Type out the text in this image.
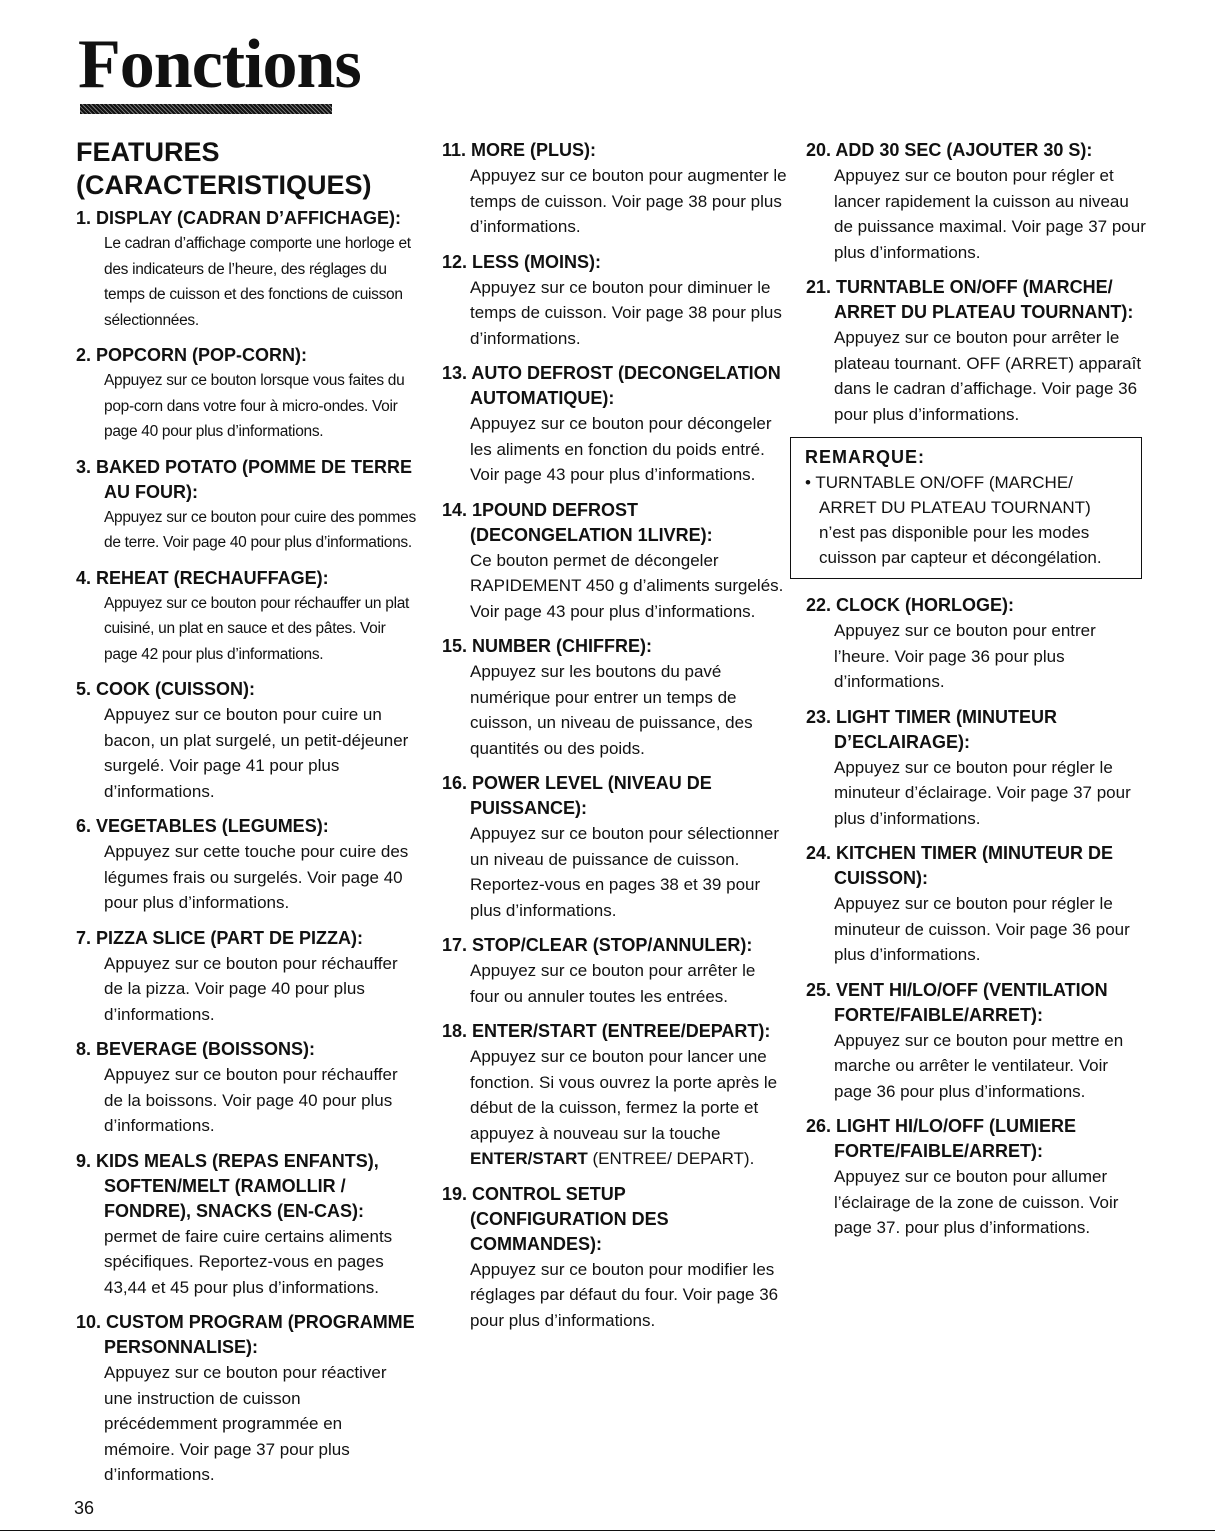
Fonctions
FEATURES (CARACTERISTIQUES)
1. DISPLAY (CADRAN D’AFFICHAGE):
Le cadran d’affichage comporte une horloge et des indicateurs de l’heure, des réglages du temps de cuisson et des fonctions de cuisson sélectionnées.
2. POPCORN (POP-CORN):
Appuyez sur ce bouton lorsque vous faites du pop-corn dans votre four à micro-ondes. Voir page 40 pour plus d’informations.
3. BAKED POTATO (POMME DE TERRE AU FOUR):
Appuyez sur ce bouton pour cuire des pommes de terre. Voir page 40 pour plus d’informations.
4. REHEAT (RECHAUFFAGE):
Appuyez sur ce bouton pour réchauffer un plat cuisiné, un plat en sauce et des pâtes. Voir page 42 pour plus d’informations.
5. COOK (CUISSON):
Appuyez sur ce bouton pour cuire un bacon, un plat surgelé, un petit-déjeuner surgelé. Voir page 41 pour plus d’informations.
6. VEGETABLES (LEGUMES):
Appuyez sur cette touche pour cuire des légumes frais ou surgelés. Voir page 40 pour plus d’informations.
7. PIZZA SLICE (PART DE PIZZA):
Appuyez sur ce bouton pour réchauffer de la pizza. Voir page 40 pour plus d’informations.
8. BEVERAGE (BOISSONS):
Appuyez sur ce bouton pour réchauffer de la boissons. Voir page 40 pour plus d’informations.
9. KIDS MEALS (REPAS ENFANTS), SOFTEN/MELT (RAMOLLIR / FONDRE), SNACKS (EN-CAS):
permet de faire cuire certains aliments spécifiques. Reportez-vous en pages 43,44 et 45 pour plus d’informations.
10. CUSTOM PROGRAM (PROGRAMME PERSONNALISE):
Appuyez sur ce bouton pour réactiver une instruction de cuisson précédemment programmée en mémoire. Voir page 37 pour plus d’informations.
11. MORE (PLUS):
Appuyez sur ce bouton pour augmenter le temps de cuisson. Voir page 38 pour plus d’informations.
12. LESS (MOINS):
Appuyez sur ce bouton pour diminuer le temps de cuisson. Voir page 38 pour plus d’informations.
13. AUTO DEFROST (DECONGELATION AUTOMATIQUE):
Appuyez sur ce bouton pour décongeler les aliments en fonction du poids entré. Voir page 43 pour plus d’informations.
14. 1POUND DEFROST (DECONGELATION 1LIVRE):
Ce bouton permet de décongeler RAPIDEMENT 450 g d’aliments surgelés. Voir page 43 pour plus d’informations.
15. NUMBER (CHIFFRE):
Appuyez sur les boutons du pavé numérique pour entrer un temps de cuisson, un niveau de puissance, des quantités ou des poids.
16. POWER LEVEL (NIVEAU DE PUISSANCE):
Appuyez sur ce bouton pour sélectionner un niveau de puissance de cuisson. Reportez-vous en pages 38 et 39 pour plus d’informations.
17. STOP/CLEAR (STOP/ANNULER):
Appuyez sur ce bouton pour arrêter le four ou annuler toutes les entrées.
18. ENTER/START (ENTREE/DEPART):
Appuyez sur ce bouton pour lancer une fonction. Si vous ouvrez la porte après le début de la cuisson, fermez la porte et appuyez à nouveau sur la touche ENTER/START (ENTREE/ DEPART).
19. CONTROL SETUP (CONFIGURATION DES COMMANDES):
Appuyez sur ce bouton pour modifier les réglages par défaut du four. Voir page 36 pour plus d’informations.
20. ADD 30 SEC (AJOUTER 30 S):
Appuyez sur ce bouton pour régler et lancer rapidement la cuisson au niveau de puissance maximal. Voir page 37 pour plus d’informations.
21. TURNTABLE ON/OFF (MARCHE/ ARRET DU PLATEAU TOURNANT):
Appuyez sur ce bouton pour arrêter le plateau tournant. OFF (ARRET) apparaît dans le cadran d’affichage. Voir page 36 pour plus d’informations.
REMARQUE:
• TURNTABLE ON/OFF (MARCHE/ ARRET DU PLATEAU TOURNANT) n’est pas disponible pour les modes cuisson par capteur et décongélation.
22. CLOCK (HORLOGE):
Appuyez sur ce bouton pour entrer l’heure. Voir page 36 pour plus d’informations.
23. LIGHT TIMER (MINUTEUR D’ECLAIRAGE):
Appuyez sur ce bouton pour régler le minuteur d’éclairage. Voir page 37 pour plus d’informations.
24. KITCHEN TIMER (MINUTEUR DE CUISSON):
Appuyez sur ce bouton pour régler le minuteur de cuisson. Voir page 36 pour plus d’informations.
25. VENT HI/LO/OFF (VENTILATION FORTE/FAIBLE/ARRET):
Appuyez sur ce bouton pour mettre en marche ou arrêter le ventilateur. Voir page 36 pour plus d’informations.
26. LIGHT HI/LO/OFF (LUMIERE FORTE/FAIBLE/ARRET):
Appuyez sur ce bouton pour allumer l’éclairage de la zone de cuisson. Voir page 37. pour plus d’informations.
36
